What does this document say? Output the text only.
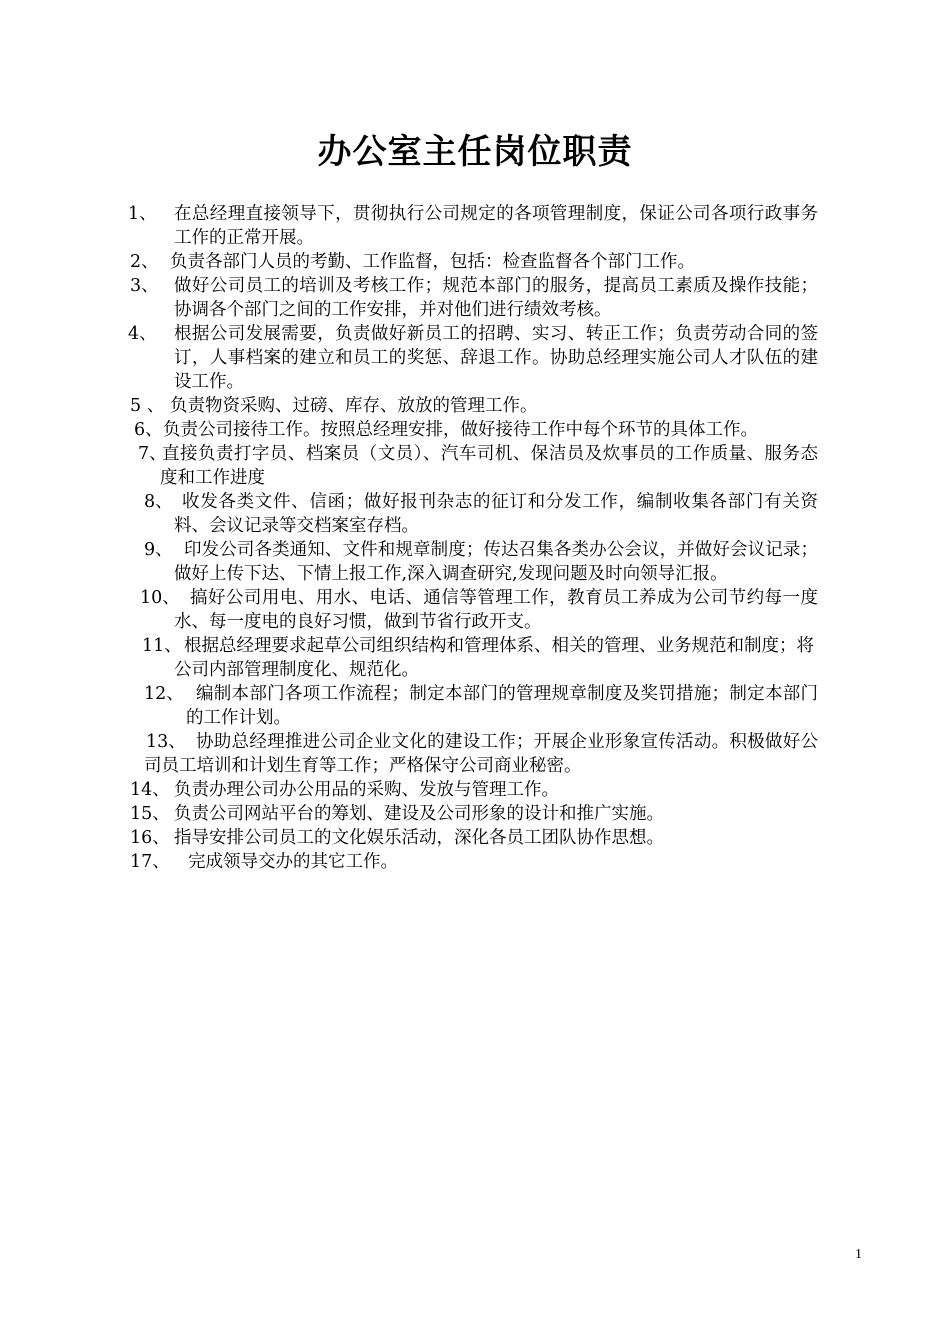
办公室主任岗位职责
1、 在总经理直接领导下，贯彻执行公司规定的各项管理制度，保证公司各项行政事务工作的正常开展。
2、 负责各部门人员的考勤、工作监督，包括：检查监督各个部门工作。
3、 做好公司员工的培训及考核工作；规范本部门的服务，提高员工素质及操作技能；协调各个部门之间的工作安排，并对他们进行绩效考核。
4、 根据公司发展需要，负责做好新员工的招聘、实习、转正工作；负责劳动合同的签订，人事档案的建立和员工的奖惩、辞退工作。协助总经理实施公司人才队伍的建设工作。
5 、 负责物资采购、过磅、库存、放放的管理工作。
6、 负责公司接待工作。按照总经理安排，做好接待工作中每个环节的具体工作。
7、
直接负责打字员、档案员（文员）、汽车司机、保洁员及炊事员的工作质量、服务态度和工作进度
8、 收发各类文件、信函；做好报刊杂志的征订和分发工作，编制收集各部门有关资料、会议记录等交档案室存档。
9、 印发公司各类通知、文件和规章制度；传达召集各类办公会议，并做好会议记录；做好上传下达、下情上报工作,深入调查研究,发现问题及时向领导汇报。
10、 搞好公司用电、用水、电话、通信等管理工作，教育员工养成为公司节约每一度水、每一度电的良好习惯，做到节省行政开支。
11、 根据总经理要求起草公司组织结构和管理体系、相关的管理、业务规范和制度；将公司内部管理制度化、规范化。
12、 编制本部门各项工作流程；制定本部门的管理规章制度及奖罚措施；制定本部门的工作计划。
13、 协助总经理推进公司企业文化的建设工作；开展企业形象宣传活动。积极做好公司员工培训和计划生育等工作；严格保守公司商业秘密。
14、 负责办理公司办公用品的采购、发放与管理工作。
15、 负责公司网站平台的筹划、建设及公司形象的设计和推广实施。
16、 指导安排公司员工的文化娱乐活动，深化各员工团队协作思想。
17、 完成领导交办的其它工作。
1
